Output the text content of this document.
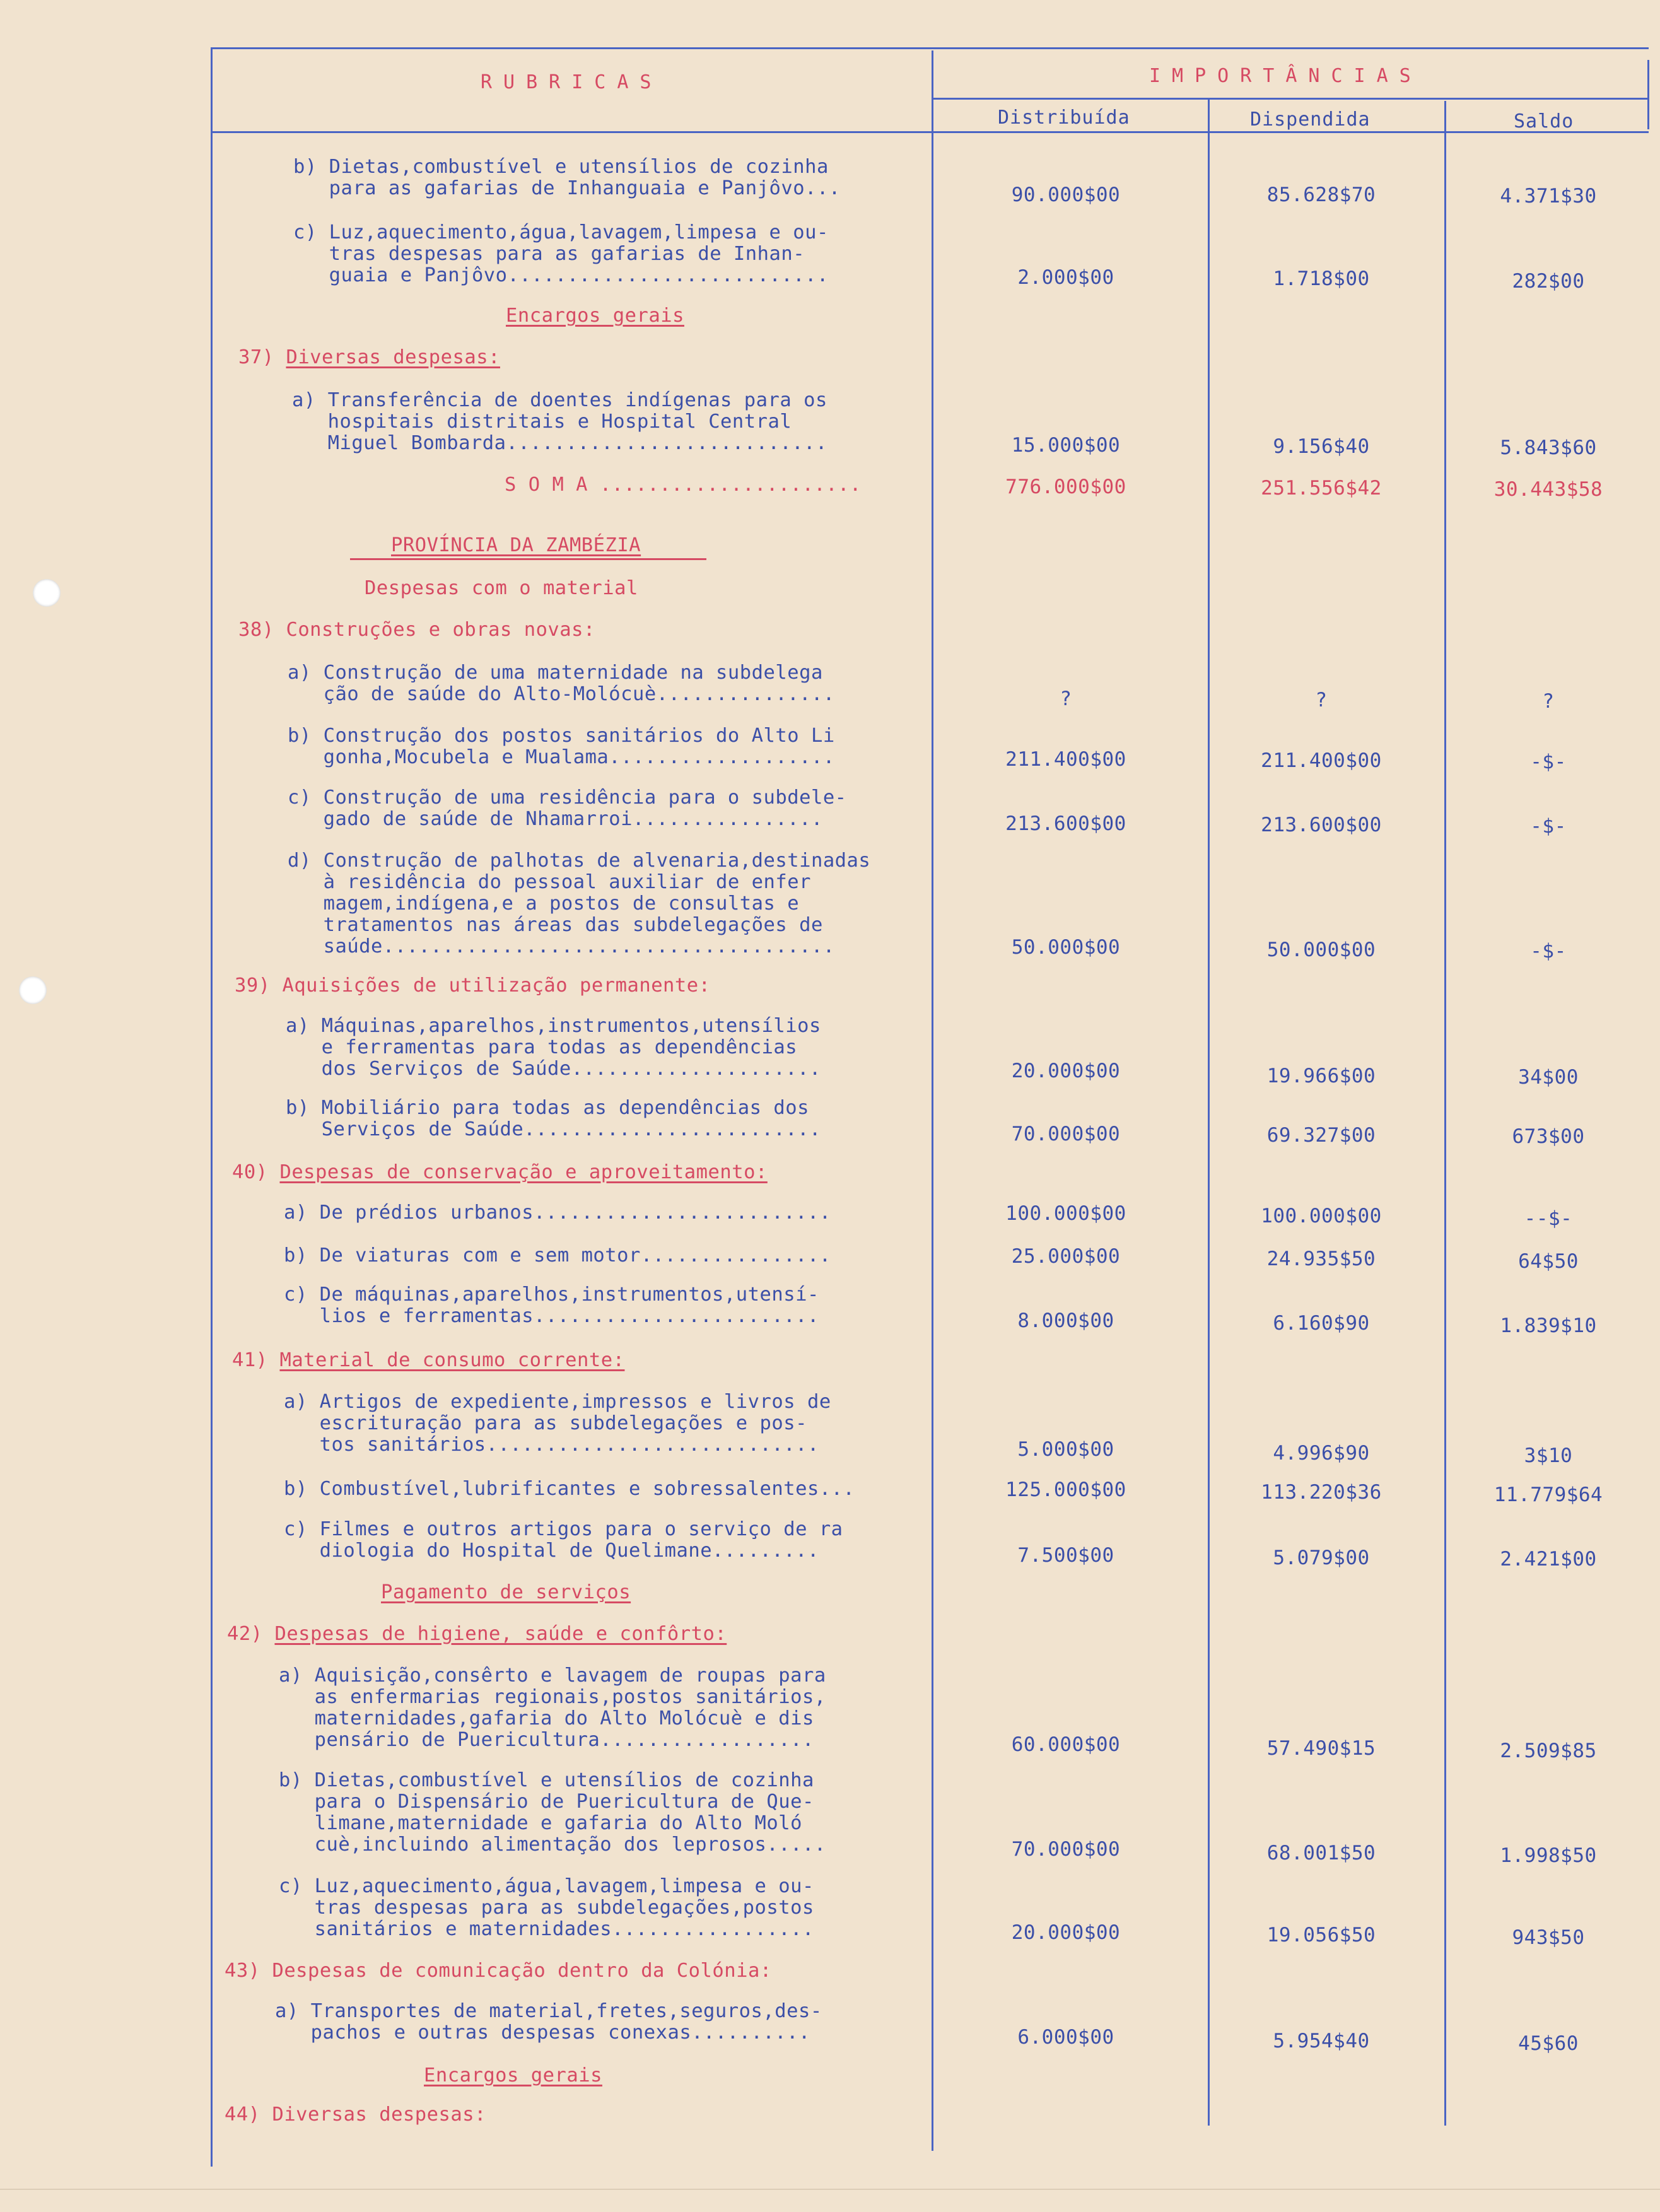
RUBRICAS	IMPORTÂNCIAS
Distribuída	Dispendida	Saldo
b) Dietas,combustível e utensílios de cozinha
para as gafarias de Inhanguaia e Panjôvo...	90.000$00	85.628$70	4.371$30
c) Luz,aquecimento,água,lavagem,limpesa e ou-
tras despesas para as gafarias de Inhan-
guaia e Panjôvo...........................	2.000$00	1.718$00	282$00
Encargos gerais
37) Diversas despesas:
a) Transferência de doentes indígenas para os
hospitais distritais e Hospital Central
Miguel Bombarda...........................	15.000$00	9.156$40	5.843$60
S O M A ......................	776.000$00	251.556$42	30.443$58
PROVÍNCIA DA ZAMBÉZIA
Despesas com o material
38) Construções e obras novas:
a) Construção de uma maternidade na subdelega
ção de saúde do Alto-Molócuè...............	?	?	?
b) Construção dos postos sanitários do Alto Li
gonha,Mocubela e Mualama...................	211.400$00	211.400$00	-$-
c) Construção de uma residência para o subdele-
gado de saúde de Nhamarroi................	213.600$00	213.600$00	-$-
d) Construção de palhotas de alvenaria,destinadas
à residência do pessoal auxiliar de enfer
magem,indígena,e a postos de consultas e
tratamentos nas áreas das subdelegações de
saúde......................................	50.000$00	50.000$00	-$-
39) Aquisições de utilização permanente:
a) Máquinas,aparelhos,instrumentos,utensílios
e ferramentas para todas as dependências
dos Serviços de Saúde.....................	20.000$00	19.966$00	34$00
b) Mobiliário para todas as dependências dos
Serviços de Saúde.........................	70.000$00	69.327$00	673$00
40) Despesas de conservação e aproveitamento:
a) De prédios urbanos.........................	100.000$00	100.000$00	--$-
b) De viaturas com e sem motor................	25.000$00	24.935$50	64$50
c) De máquinas,aparelhos,instrumentos,utensí-
lios e ferramentas........................	8.000$00	6.160$90	1.839$10
41) Material de consumo corrente:
a) Artigos de expediente,impressos e livros de
escrituração para as subdelegações e pos-
tos sanitários............................	5.000$00	4.996$90	3$10
b) Combustível,lubrificantes e sobressalentes...	125.000$00	113.220$36	11.779$64
c) Filmes e outros artigos para o serviço de ra
diologia do Hospital de Quelimane.........	7.500$00	5.079$00	2.421$00
Pagamento de serviços
42) Despesas de higiene, saúde e confôrto:
a) Aquisição,consêrto e lavagem de roupas para
as enfermarias regionais,postos sanitários,
maternidades,gafaria do Alto Molócuè e dis
pensário de Puericultura..................	60.000$00	57.490$15	2.509$85
b) Dietas,combustível e utensílios de cozinha
para o Dispensário de Puericultura de Que-
limane,maternidade e gafaria do Alto Moló
cuè,incluindo alimentação dos leprosos.....	70.000$00	68.001$50	1.998$50
c) Luz,aquecimento,água,lavagem,limpesa e ou-
tras despesas para as subdelegações,postos
sanitários e maternidades.................	20.000$00	19.056$50	943$50
43) Despesas de comunicação dentro da Colónia:
a) Transportes de material,fretes,seguros,des-
pachos e outras despesas conexas..........	6.000$00	5.954$40	45$60
Encargos gerais
44) Diversas despesas:
